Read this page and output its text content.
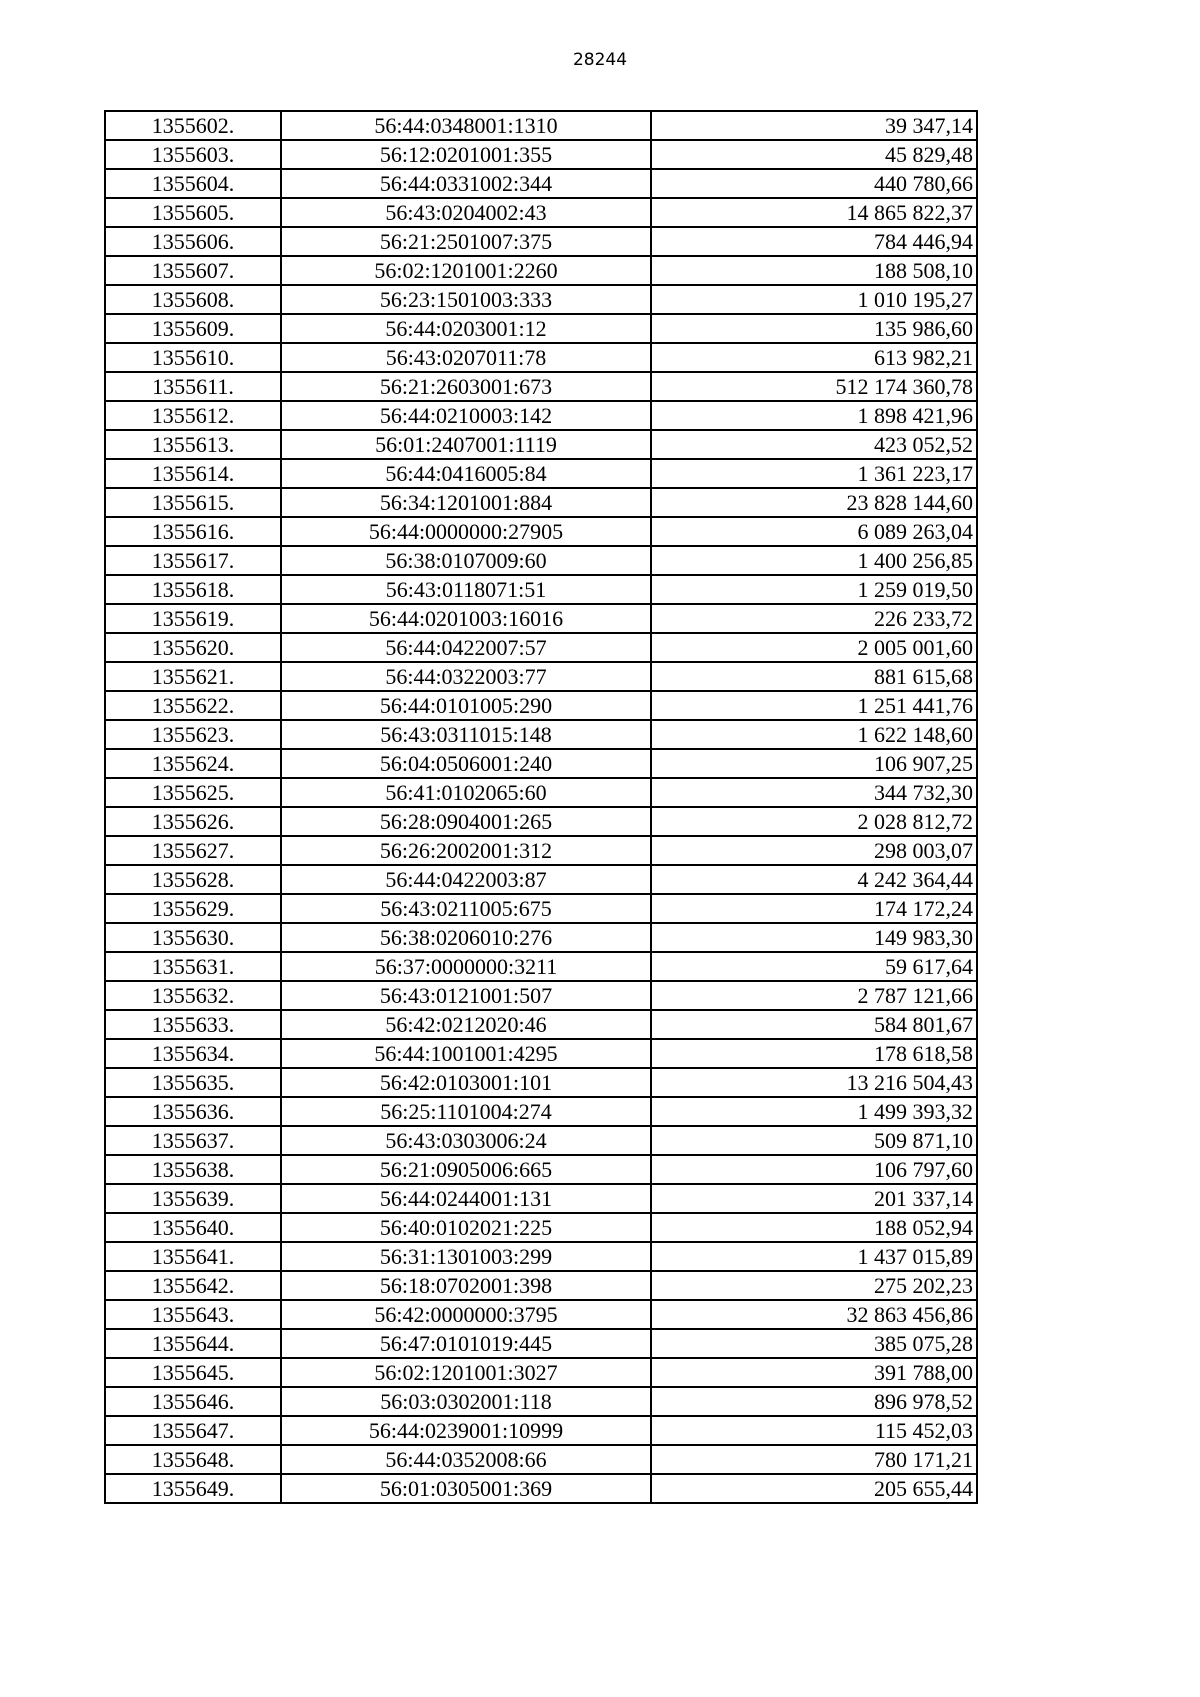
28244
1355602.	56:44:0348001:1310	39 347,14
1355603.	56:12:0201001:355	45 829,48
1355604.	56:44:0331002:344	440 780,66
1355605.	56:43:0204002:43	14 865 822,37
1355606.	56:21:2501007:375	784 446,94
1355607.	56:02:1201001:2260	188 508,10
1355608.	56:23:1501003:333	1 010 195,27
1355609.	56:44:0203001:12	135 986,60
1355610.	56:43:0207011:78	613 982,21
1355611.	56:21:2603001:673	512 174 360,78
1355612.	56:44:0210003:142	1 898 421,96
1355613.	56:01:2407001:1119	423 052,52
1355614.	56:44:0416005:84	1 361 223,17
1355615.	56:34:1201001:884	23 828 144,60
1355616.	56:44:0000000:27905	6 089 263,04
1355617.	56:38:0107009:60	1 400 256,85
1355618.	56:43:0118071:51	1 259 019,50
1355619.	56:44:0201003:16016	226 233,72
1355620.	56:44:0422007:57	2 005 001,60
1355621.	56:44:0322003:77	881 615,68
1355622.	56:44:0101005:290	1 251 441,76
1355623.	56:43:0311015:148	1 622 148,60
1355624.	56:04:0506001:240	106 907,25
1355625.	56:41:0102065:60	344 732,30
1355626.	56:28:0904001:265	2 028 812,72
1355627.	56:26:2002001:312	298 003,07
1355628.	56:44:0422003:87	4 242 364,44
1355629.	56:43:0211005:675	174 172,24
1355630.	56:38:0206010:276	149 983,30
1355631.	56:37:0000000:3211	59 617,64
1355632.	56:43:0121001:507	2 787 121,66
1355633.	56:42:0212020:46	584 801,67
1355634.	56:44:1001001:4295	178 618,58
1355635.	56:42:0103001:101	13 216 504,43
1355636.	56:25:1101004:274	1 499 393,32
1355637.	56:43:0303006:24	509 871,10
1355638.	56:21:0905006:665	106 797,60
1355639.	56:44:0244001:131	201 337,14
1355640.	56:40:0102021:225	188 052,94
1355641.	56:31:1301003:299	1 437 015,89
1355642.	56:18:0702001:398	275 202,23
1355643.	56:42:0000000:3795	32 863 456,86
1355644.	56:47:0101019:445	385 075,28
1355645.	56:02:1201001:3027	391 788,00
1355646.	56:03:0302001:118	896 978,52
1355647.	56:44:0239001:10999	115 452,03
1355648.	56:44:0352008:66	780 171,21
1355649.	56:01:0305001:369	205 655,44
